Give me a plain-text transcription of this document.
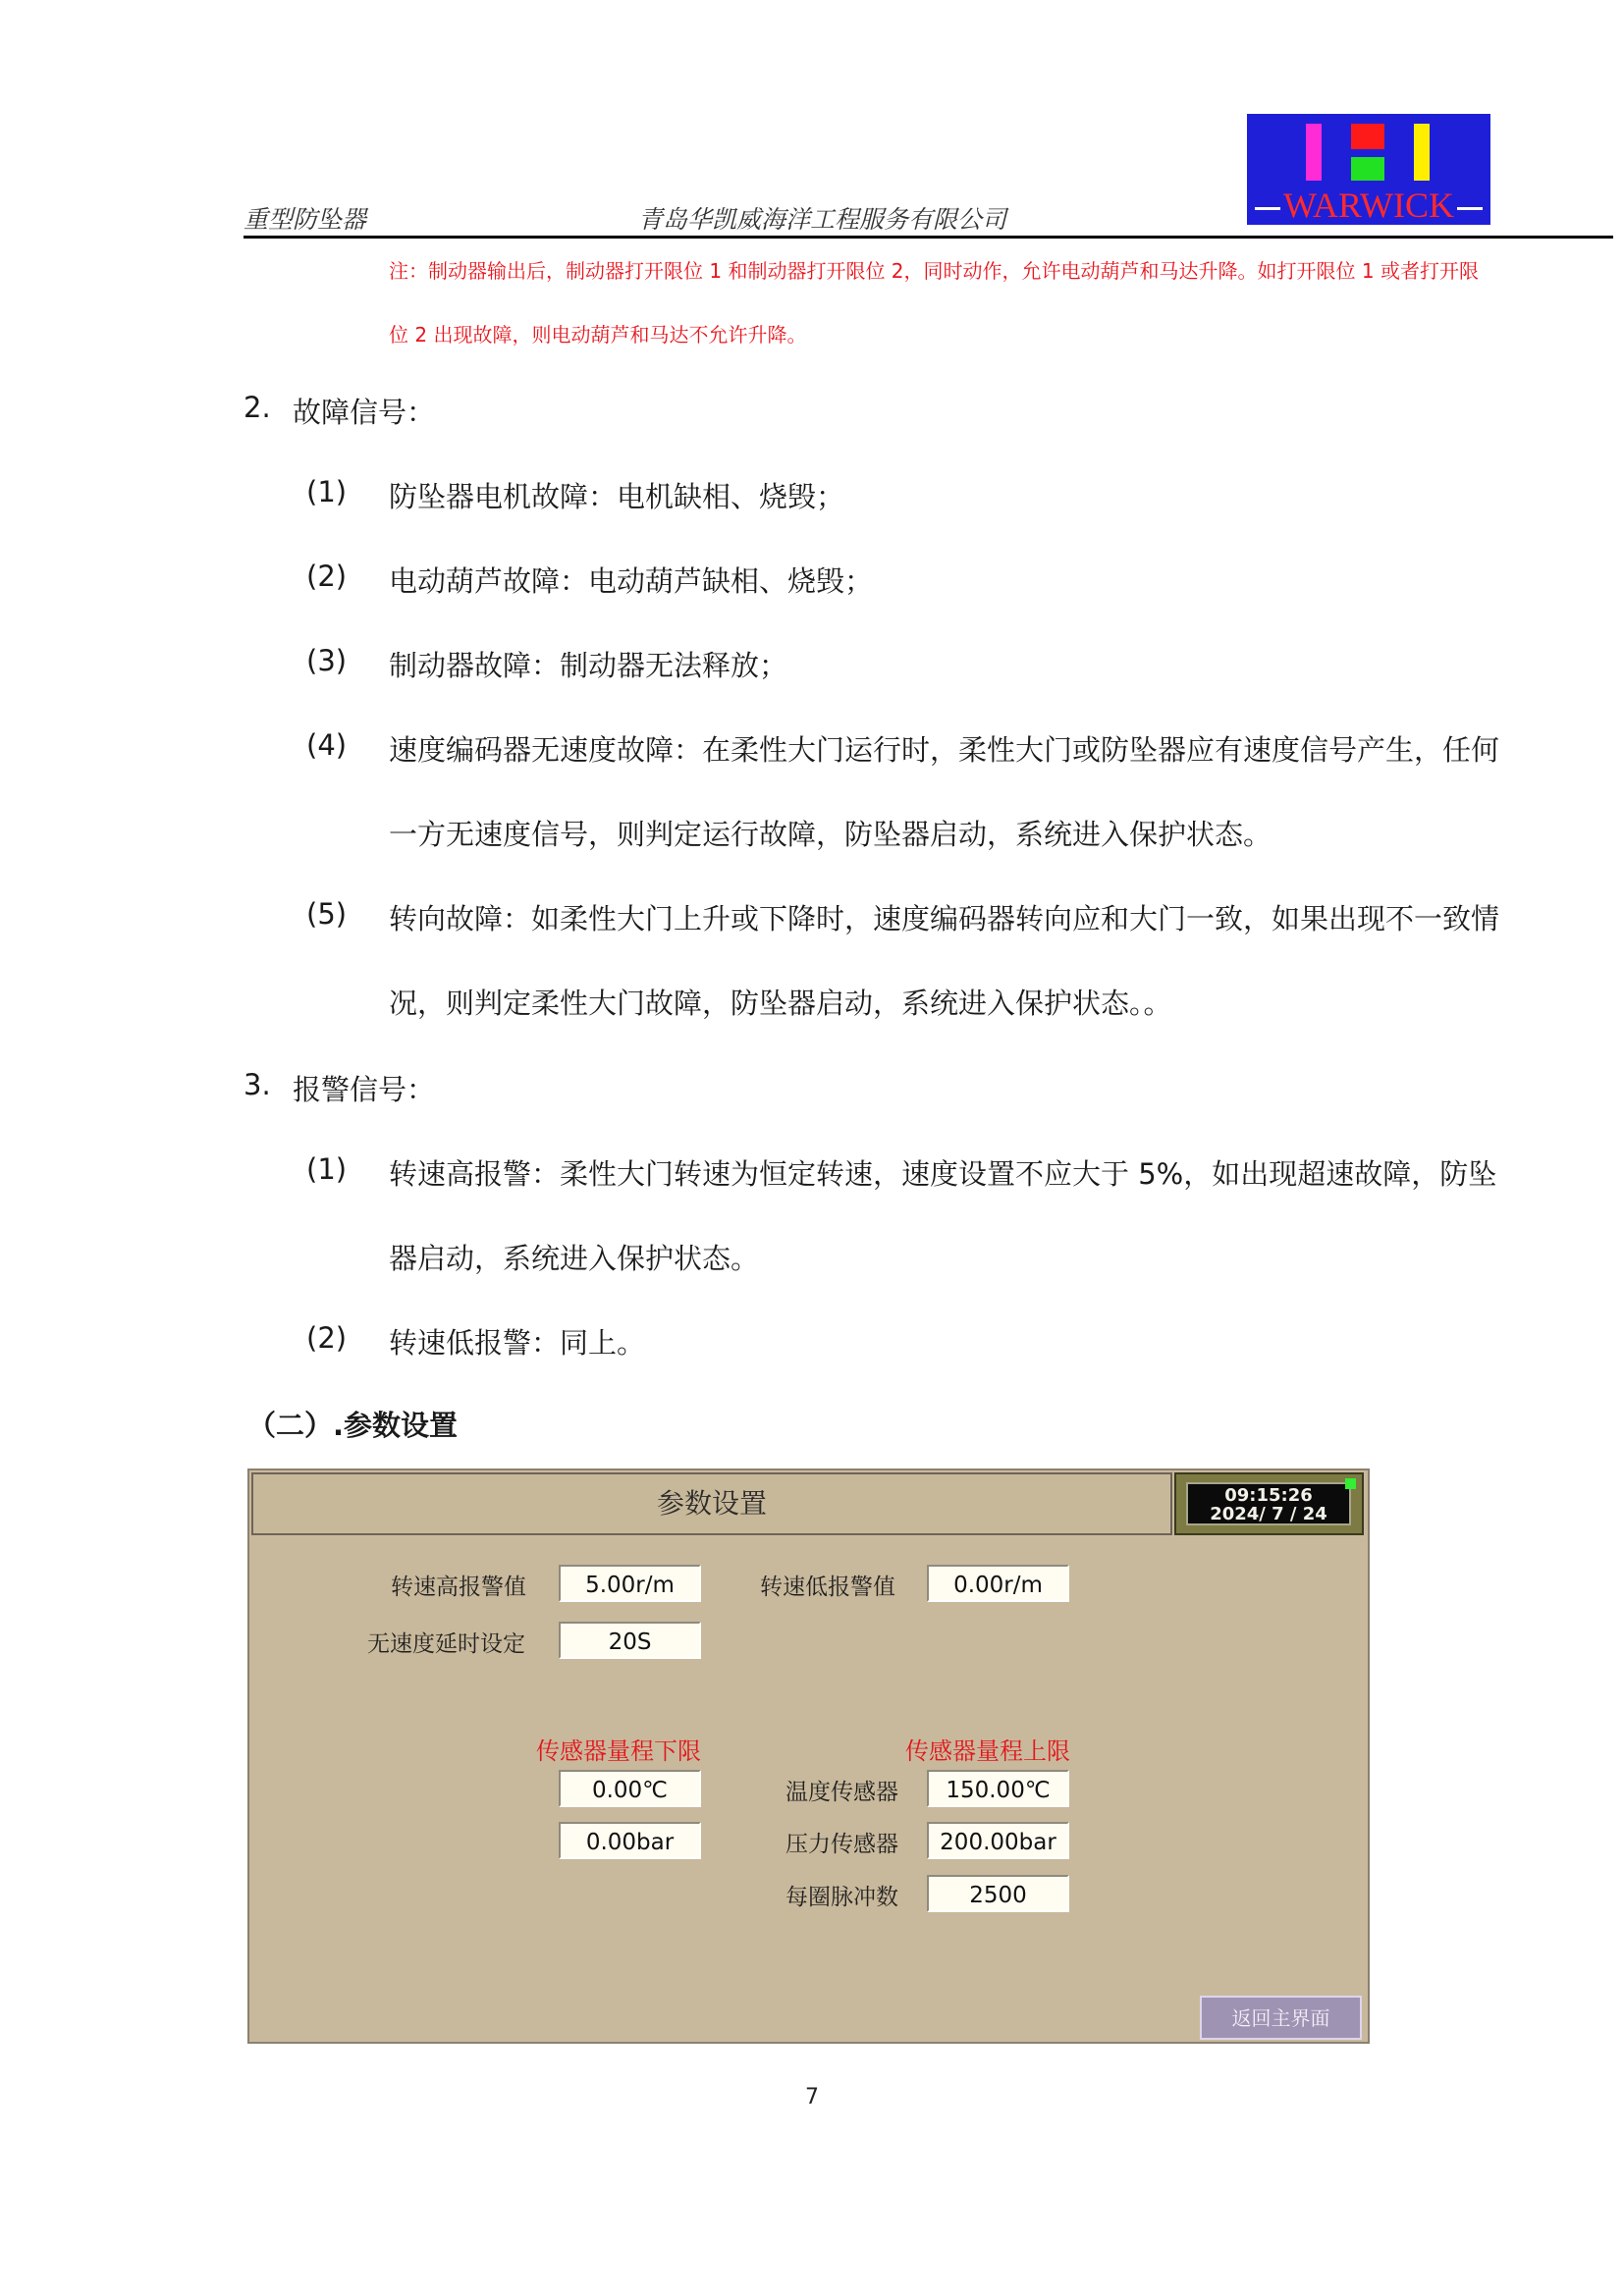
重型防坠器	青岛华凯威海洋工程服务有限公司	WARWICK
注：制动器输出后，制动器打开限位 1 和制动器打开限位 2，同时动作，允许电动葫芦和马达升降。如打开限位 1 或者打开限
位 2 出现故障，则电动葫芦和马达不允许升降。
2. 故障信号：
(1) 防坠器电机故障：电机缺相、烧毁；
(2) 电动葫芦故障：电动葫芦缺相、烧毁；
(3) 制动器故障：制动器无法释放；
(4) 速度编码器无速度故障：在柔性大门运行时，柔性大门或防坠器应有速度信号产生，任何
一方无速度信号，则判定运行故障，防坠器启动，系统进入保护状态。
(5) 转向故障：如柔性大门上升或下降时，速度编码器转向应和大门一致，如果出现不一致情
况，则判定柔性大门故障，防坠器启动，系统进入保护状态。。
3. 报警信号：
(1) 转速高报警：柔性大门转速为恒定转速，速度设置不应大于 5%，如出现超速故障，防坠
器启动，系统进入保护状态。
(2) 转速低报警：同上。
（二）.参数设置
参数设置	09:15:26
2024/ 7 / 24
转速高报警值	5.00r/m	转速低报警值	0.00r/m
无速度延时设定	20S
传感器量程下限	传感器量程上限
0.00℃	温度传感器	150.00℃
0.00bar	压力传感器	200.00bar
每圈脉冲数	2500
返回主界面
7
